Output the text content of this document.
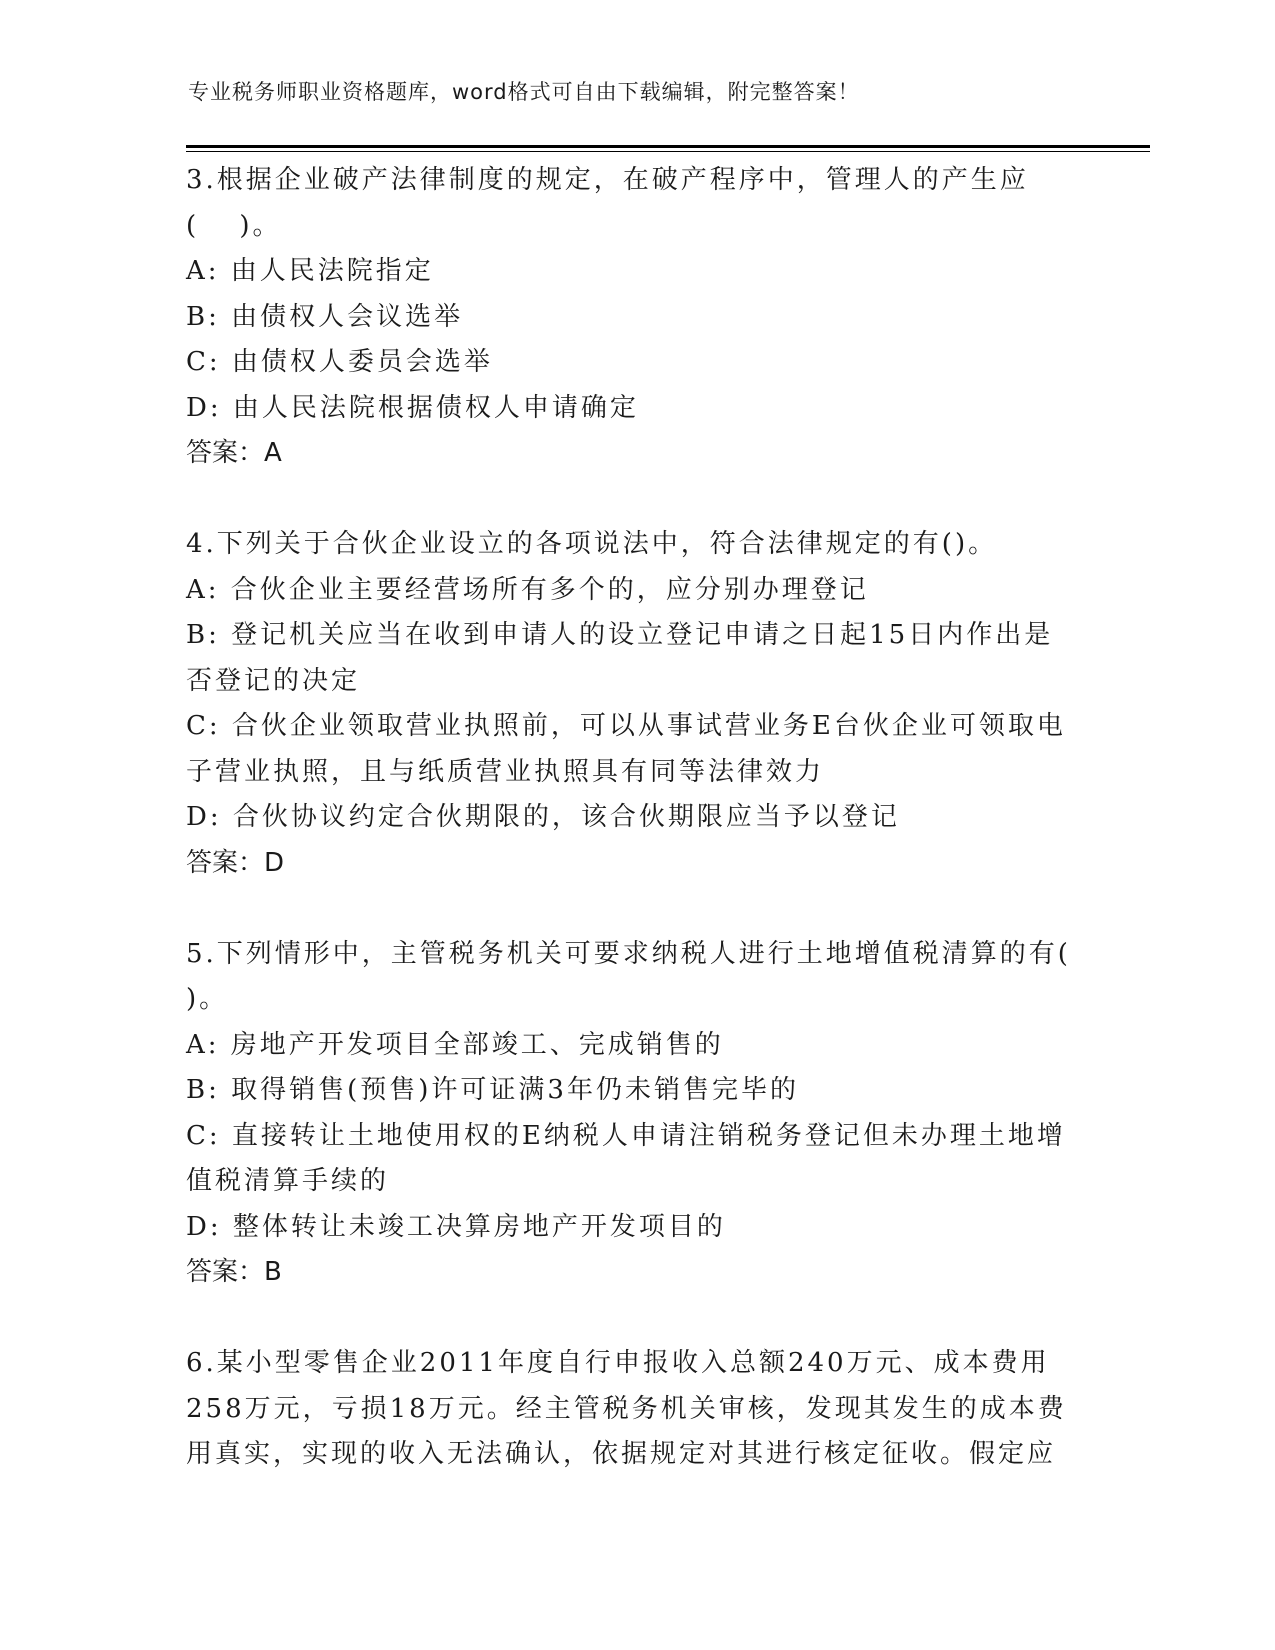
专业税务师职业资格题库，word格式可自由下载编辑，附完整答案！
3.根据企业破产法律制度的规定，在破产程序中，管理人的产生应
(　 )。
A: 由人民法院指定
B: 由债权人会议选举
C: 由债权人委员会选举
D: 由人民法院根据债权人申请确定
答案：A
4.下列关于合伙企业设立的各项说法中，符合法律规定的有()。
A: 合伙企业主要经营场所有多个的，应分别办理登记
B: 登记机关应当在收到申请人的设立登记申请之日起15日内作出是
否登记的决定
C: 合伙企业领取营业执照前，可以从事试营业务E台伙企业可领取电
子营业执照，且与纸质营业执照具有同等法律效力
D: 合伙协议约定合伙期限的，该合伙期限应当予以登记
答案：D
5.下列情形中，主管税务机关可要求纳税人进行土地增值税清算的有(
)。
A: 房地产开发项目全部竣工、完成销售的
B: 取得销售(预售)许可证满3年仍未销售完毕的
C: 直接转让土地使用权的E纳税人申请注销税务登记但未办理土地增
值税清算手续的
D: 整体转让未竣工决算房地产开发项目的
答案：B
6.某小型零售企业2011年度自行申报收入总额240万元、成本费用
258万元，亏损18万元。经主管税务机关审核，发现其发生的成本费
用真实，实现的收入无法确认，依据规定对其进行核定征收。假定应
